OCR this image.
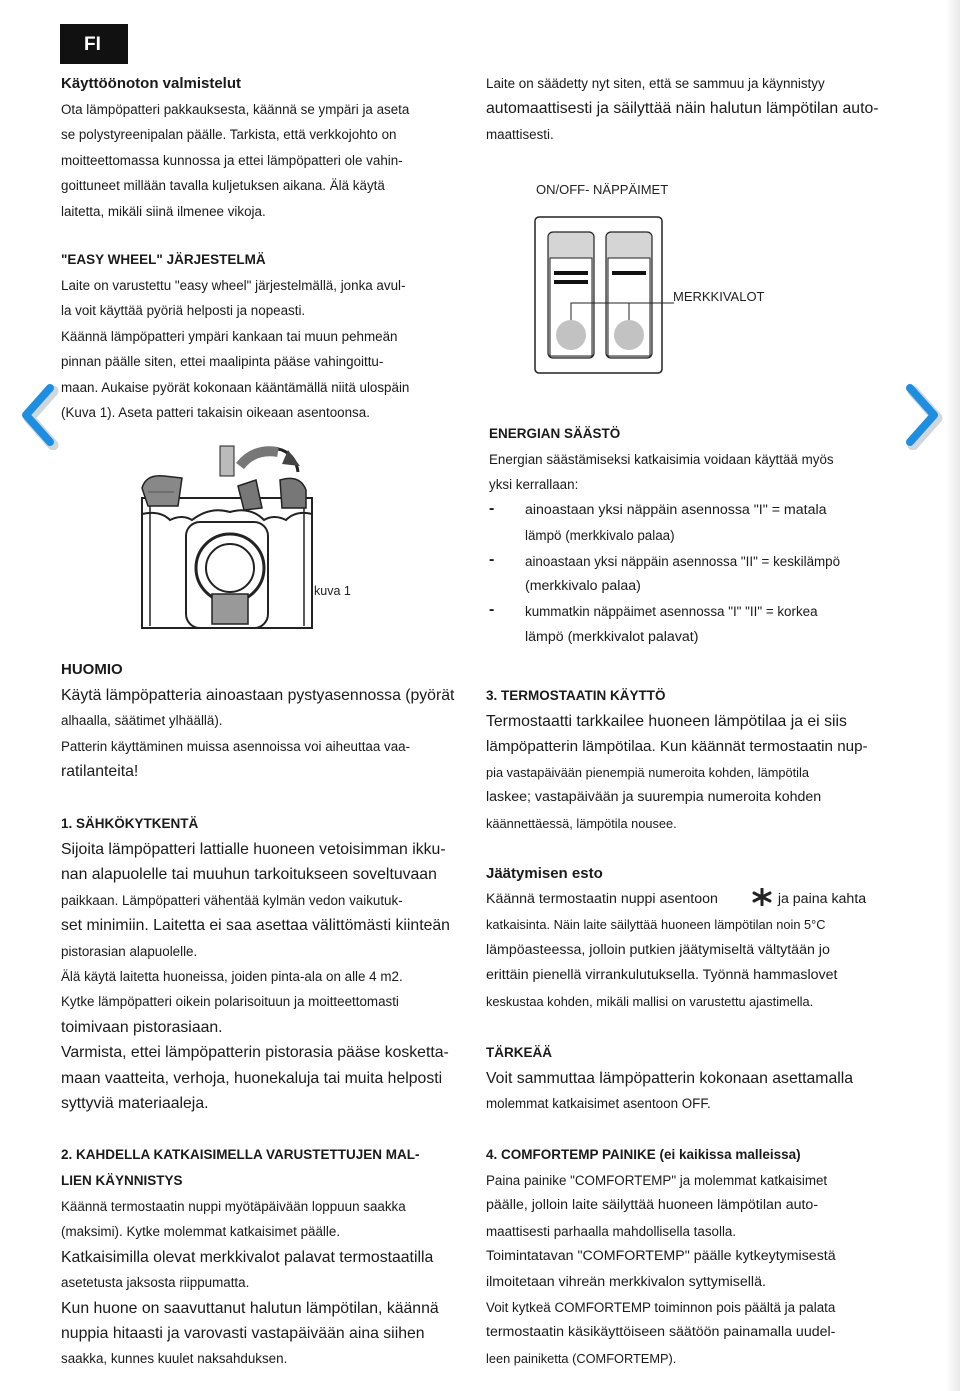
FI
Käyttöönoton valmistelut
Ota lämpöpatteri pakkauksesta, käännä se ympäri ja aseta
se polystyreenipalan päälle. Tarkista, että verkkojohto on
moitteettomassa kunnossa ja ettei lämpöpatteri ole vahin-
goittuneet millään tavalla kuljetuksen aikana. Älä käytä
laitetta, mikäli siinä ilmenee vikoja.
"EASY WHEEL" JÄRJESTELMÄ
Laite on varustettu "easy wheel" järjestelmällä, jonka avul-
la voit käyttää pyöriä helposti ja nopeasti.
Käännä lämpöpatteri ympäri kankaan tai muun pehmeän
pinnan päälle siten, ettei maalipinta pääse vahingoittu-
maan. Aukaise pyörät kokonaan kääntämällä niitä ulospäin
(Kuva 1). Aseta patteri takaisin oikeaan asentoonsa.
kuva 1
HUOMIO
Käytä lämpöpatteria ainoastaan pystyasennossa (pyörät
alhaalla, säätimet ylhäällä).
Patterin käyttäminen muissa asennoissa voi aiheuttaa vaa-
ratilanteita!
1. SÄHKÖKYTKENTÄ
Sijoita lämpöpatteri lattialle huoneen vetoisimman ikku-
nan alapuolelle tai muuhun tarkoitukseen soveltuvaan
paikkaan. Lämpöpatteri vähentää kylmän vedon vaikutuk-
set minimiin. Laitetta ei saa asettaa välittömästi kiinteän
pistorasian alapuolelle.
Älä käytä laitetta huoneissa, joiden pinta-ala on alle 4 m2.
Kytke lämpöpatteri oikein polarisoituun ja moitteettomasti
toimivaan pistorasiaan.
Varmista, ettei lämpöpatterin pistorasia pääse kosketta-
maan vaatteita, verhoja, huonekaluja tai muita helposti
syttyviä materiaaleja.
2. KAHDELLA KATKAISIMELLA VARUSTETTUJEN MAL-
LIEN KÄYNNISTYS
Käännä termostaatin nuppi myötäpäivään loppuun saakka
(maksimi). Kytke molemmat katkaisimet päälle.
Katkaisimilla olevat merkkivalot palavat termostaatilla
asetetusta jaksosta riippumatta.
Kun huone on saavuttanut halutun lämpötilan, käännä
nuppia hitaasti ja varovasti vastapäivään aina siihen
saakka, kunnes kuulet naksahduksen.
Laite on säädetty nyt siten, että se sammuu ja käynnistyy
automaattisesti ja säilyttää näin halutun lämpötilan auto-
maattisesti.
ON/OFF- NÄPPÄIMET
MERKKIVALOT
ENERGIAN SÄÄSTÖ
Energian säästämiseksi katkaisimia voidaan käyttää myös
yksi kerrallaan:
- ainoastaan yksi näppäin asennossa "I" = matala
lämpö (merkkivalo palaa)
- ainoastaan yksi näppäin asennossa "II" = keskilämpö
(merkkivalo palaa)
- kummatkin näppäimet asennossa "I" "II" = korkea
lämpö (merkkivalot palavat)
3. TERMOSTAATIN KÄYTTÖ
Termostaatti tarkkailee huoneen lämpötilaa ja ei siis
lämpöpatterin lämpötilaa. Kun käännät termostaatin nup-
pia vastapäivään pienempiä numeroita kohden, lämpötila
laskee; vastapäivään ja suurempia numeroita kohden
käännettäessä, lämpötila nousee.
Jäätymisen esto
Käännä termostaatin nuppi asentoon	ja paina kahta
katkaisinta. Näin laite säilyttää huoneen lämpötilan noin 5°C
lämpöasteessa, jolloin putkien jäätymiseltä vältytään jo
erittäin pienellä virrankulutuksella. Työnnä hammaslovet
keskustaa kohden, mikäli mallisi on varustettu ajastimella.
TÄRKEÄÄ
Voit sammuttaa lämpöpatterin kokonaan asettamalla
molemmat katkaisimet asentoon OFF.
4. COMFORTEMP PAINIKE (ei kaikissa malleissa)
Paina painike "COMFORTEMP" ja molemmat katkaisimet
päälle, jolloin laite säilyttää huoneen lämpötilan auto-
maattisesti parhaalla mahdollisella tasolla.
Toimintatavan "COMFORTEMP" päälle kytkeytymisestä
ilmoitetaan vihreän merkkivalon syttymisellä.
Voit kytkeä COMFORTEMP toiminnon pois päältä ja palata
termostaatin käsikäyttöiseen säätöön painamalla uudel-
leen painiketta (COMFORTEMP).
